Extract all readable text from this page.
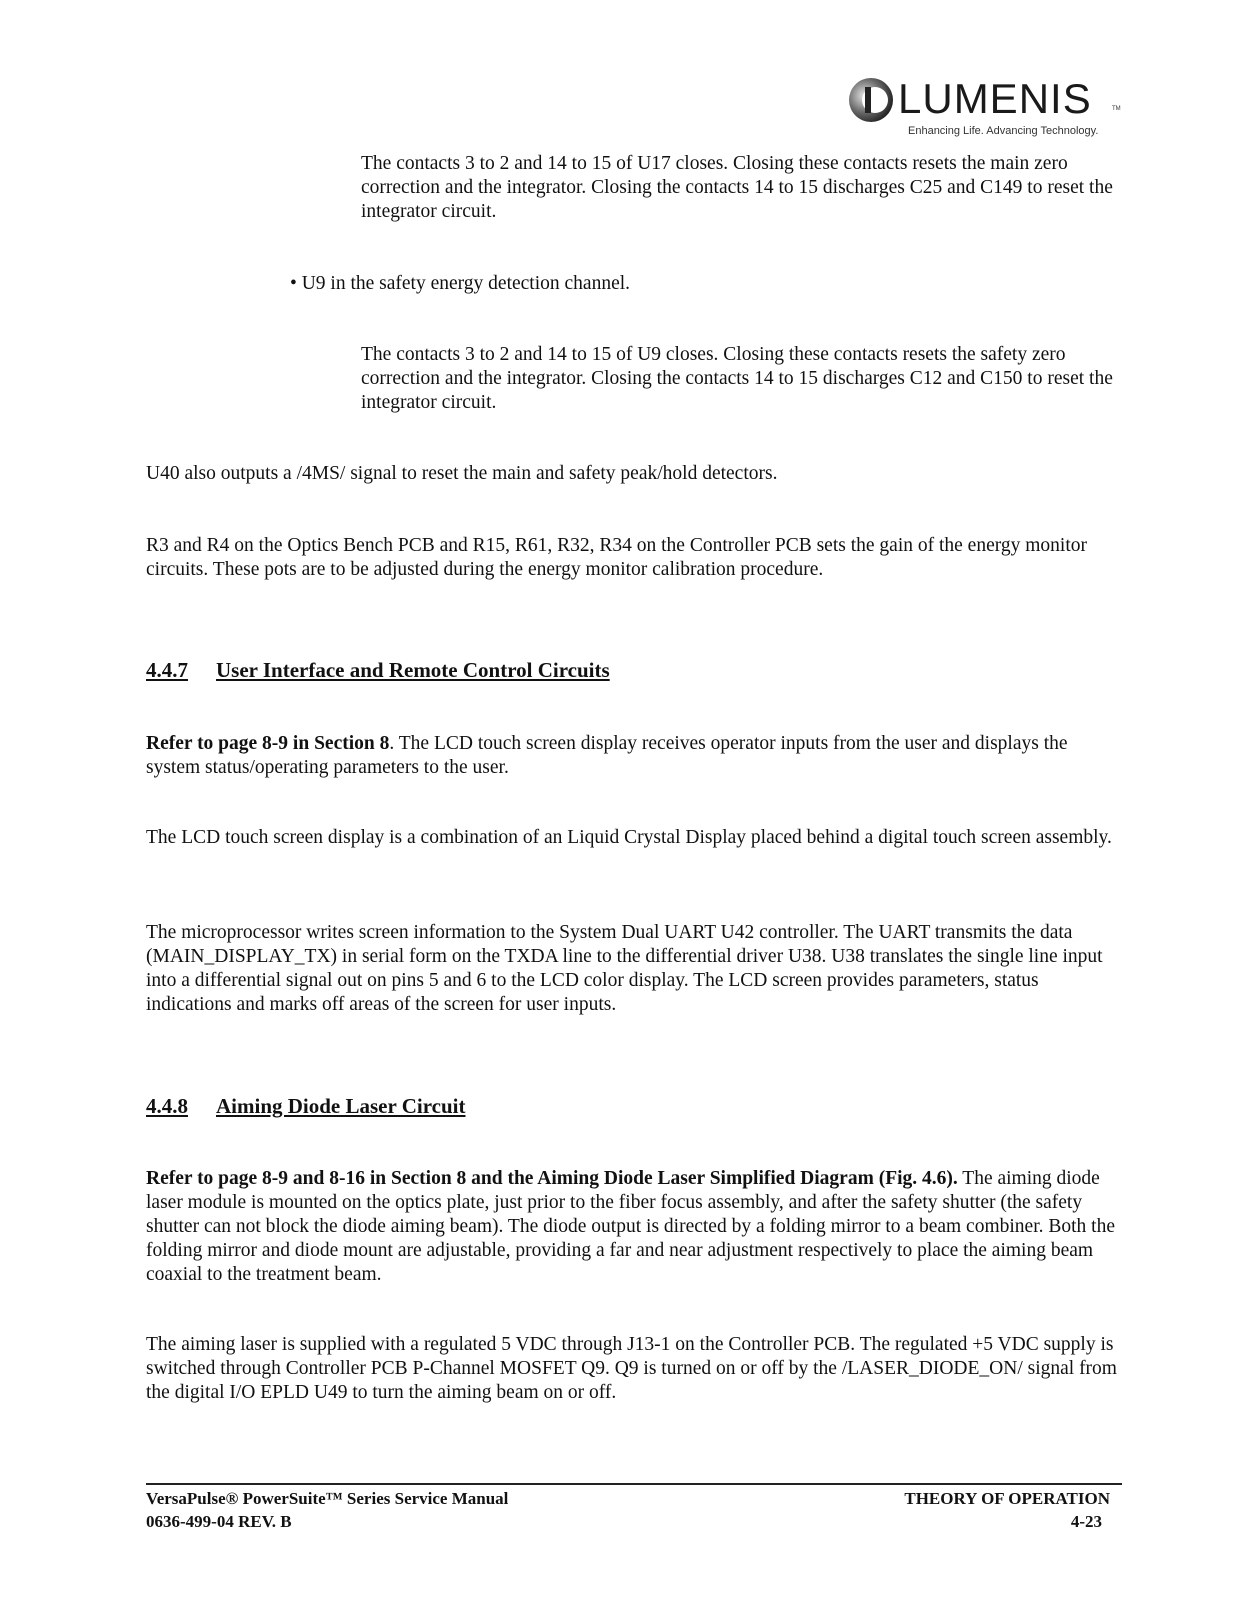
LUMENIS	TM
Enhancing Life. Advancing Technology.

The contacts 3 to 2 and 14 to 15 of U17 closes. Closing these contacts resets the main zero correction and the integrator. Closing the contacts 14 to 15 discharges C25 and C149 to reset the integrator circuit.

• U9 in the safety energy detection channel.

The contacts 3 to 2 and 14 to 15 of U9 closes. Closing these contacts resets the safety zero correction and the integrator. Closing the contacts 14 to 15 discharges C12 and C150 to reset the integrator circuit.

U40 also outputs a /4MS/ signal to reset the main and safety peak/hold detectors.

R3 and R4 on the Optics Bench PCB and R15, R61, R32, R34 on the Controller PCB sets the gain of the energy monitor circuits. These pots are to be adjusted during the energy monitor calibration procedure.

4.4.7 User Interface and Remote Control Circuits

Refer to page 8-9 in Section 8. The LCD touch screen display receives operator inputs from the user and displays the system status/operating parameters to the user.

The LCD touch screen display is a combination of an Liquid Crystal Display placed behind a digital touch screen assembly.

The microprocessor writes screen information to the System Dual UART U42 controller. The UART transmits the data (MAIN_DISPLAY_TX) in serial form on the TXDA line to the differential driver U38. U38 translates the single line input into a differential signal out on pins 5 and 6 to the LCD color display. The LCD screen provides parameters, status indications and marks off areas of the screen for user inputs.

4.4.8 Aiming Diode Laser Circuit

Refer to page 8-9 and 8-16 in Section 8 and the Aiming Diode Laser Simplified Diagram (Fig. 4.6). The aiming diode laser module is mounted on the optics plate, just prior to the fiber focus assembly, and after the safety shutter (the safety shutter can not block the diode aiming beam). The diode output is directed by a folding mirror to a beam combiner. Both the folding mirror and diode mount are adjustable, providing a far and near adjustment respectively to place the aiming beam coaxial to the treatment beam.

The aiming laser is supplied with a regulated 5 VDC through J13-1 on the Controller PCB. The regulated +5 VDC supply is switched through Controller PCB P-Channel MOSFET Q9. Q9 is turned on or off by the /LASER_DIODE_ON/ signal from the digital I/O EPLD U49 to turn the aiming beam on or off.

VersaPulse® PowerSuite™ Series Service Manual
0636-499-04 REV. B
THEORY OF OPERATION
4-23
